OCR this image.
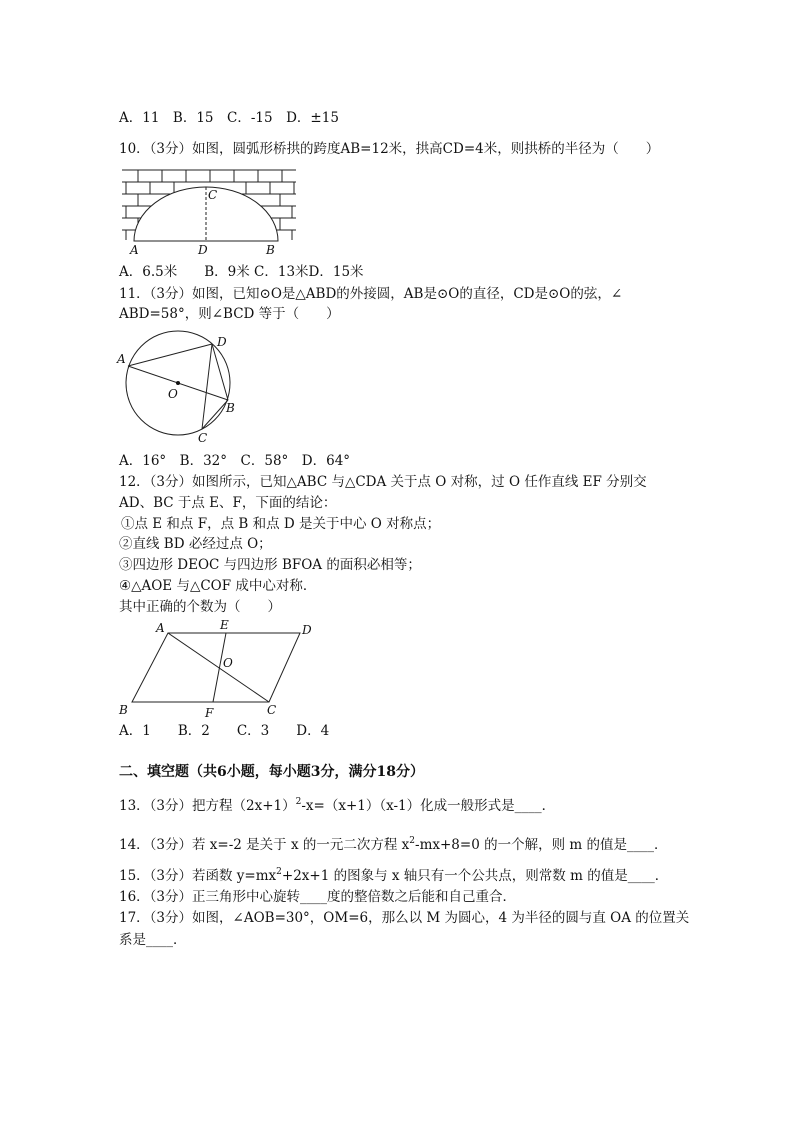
A．11　B．15　C．-15　D．±15
10．（3分）如图，圆弧形桥拱的跨度AB=12米，拱高CD=4米，则拱桥的半径为（　　）
A	D	B
C
A．6.5米　　B．9米 C．13米D．15米
11．（3分）如图，已知⊙O是△ABD的外接圆，AB是⊙O的直径，CD是⊙O的弦，∠
ABD=58°，则∠BCD 等于（　　）
A
D
B
C
O
A．16°　B．32°　C．58°　D．64°
12．（3分）如图所示，已知△ABC 与△CDA 关于点 O 对称，过 O 任作直线 EF 分别交
AD、BC 于点 E、F，下面的结论：
①点 E 和点 F，点 B 和点 D 是关于中心 O 对称点；
②直线 BD 必经过点 O；
③四边形 DEOC 与四边形 BFOA 的面积必相等；
④△AOE 与△COF 成中心对称．
其中正确的个数为（　　）
A	E	D
O
B	F	C
A．1　　B．2　　C．3　　D．4
二、填空题（共6小题，每小题3分，满分18分）
13．（3分）把方程$(2x+1)^2-x=(x+1)(x-1)$化成一般形式是____．
14．（3分）若 x=-2 是关于 x 的一元二次方程 $x^2-mx+8=0$ 的一个解，则 m 的值是____．
15．（3分）若函数 $y=mx^2+2x+1$ 的图象与 x 轴只有一个公共点，则常数 m 的值是____．
16．（3分）正三角形中心旋转____度的整倍数之后能和自己重合．
17．（3分）如图，∠AOB=30°，OM=6，那么以 M 为圆心，4 为半径的圆与直 OA 的位置关
系是____．
